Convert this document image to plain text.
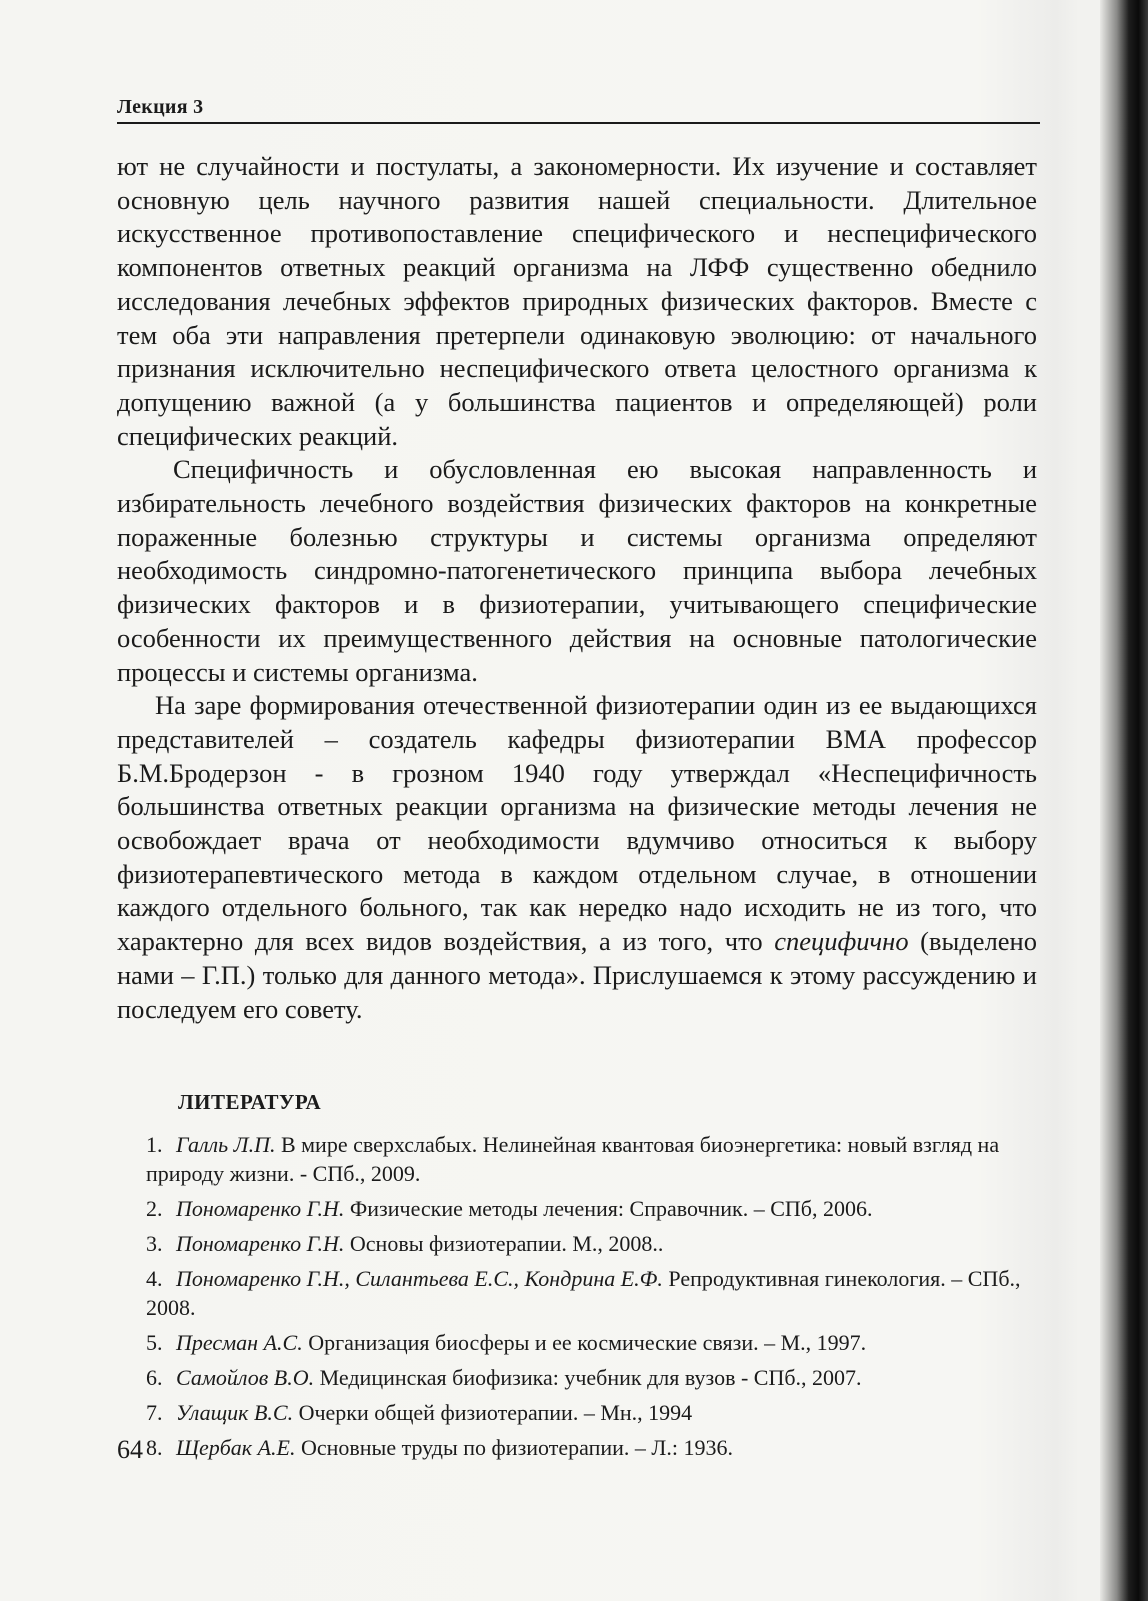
Лекция 3

ют не случайности и постулаты, а закономерности. Их изучение и составляет основную цель научного развития нашей специальности. Длительное искусственное противопоставление специфического и неспецифического компонентов ответных реакций организма на ЛФФ существенно обеднило исследования лечебных эффектов природных физических факторов. Вместе с тем оба эти направления претерпели одинаковую эволюцию: от начального признания исключительно неспецифического ответа целостного организма к допущению важной (а у большинства пациентов и определяющей) роли специфических реакций.

Специфичность и обусловленная ею высокая направленность и избирательность лечебного воздействия физических факторов на конкретные пораженные болезнью структуры и системы организма определяют необходимость синдромно-патогенетического принципа выбора лечебных физических факторов и в физиотерапии, учитывающего специфические особенности их преимущественного действия на основные патологические процессы и системы организма.

На заре формирования отечественной физиотерапии один из ее выдающихся представителей – создатель кафедры физиотерапии ВМА профессор Б.М.Бродерзон - в грозном 1940 году утверждал «Неспецифичность большинства ответных реакции организма на физические методы лечения не освобождает врача от необходимости вдумчиво относиться к выбору физиотерапевтического метода в каждом отдельном случае, в отношении каждого отдельного больного, так как нередко надо исходить не из того, что характерно для всех видов воздействия, а из того, что специфично (выделено нами – Г.П.) только для данного метода». Прислушаемся к этому рассуждению и последуем его совету.

ЛИТЕРАТУРА
1. Галль Л.П. В мире сверхслабых. Нелинейная квантовая биоэнергетика: новый взгляд на природу жизни. - СПб., 2009.
2. Пономаренко Г.Н. Физические методы лечения: Справочник. – СПб, 2006.
3. Пономаренко Г.Н. Основы физиотерапии. М., 2008..
4. Пономаренко Г.Н., Силантьева Е.С., Кондрина Е.Ф. Репродуктивная гинекология. – СПб., 2008.
5. Пресман А.С. Организация биосферы и ее космические связи. – М., 1997.
6. Самойлов В.О. Медицинская биофизика: учебник для вузов - СПб., 2007.
7. Улащик В.С. Очерки общей физиотерапии. – Мн., 1994
8. Щербак А.Е. Основные труды по физиотерапии. – Л.: 1936.
64
